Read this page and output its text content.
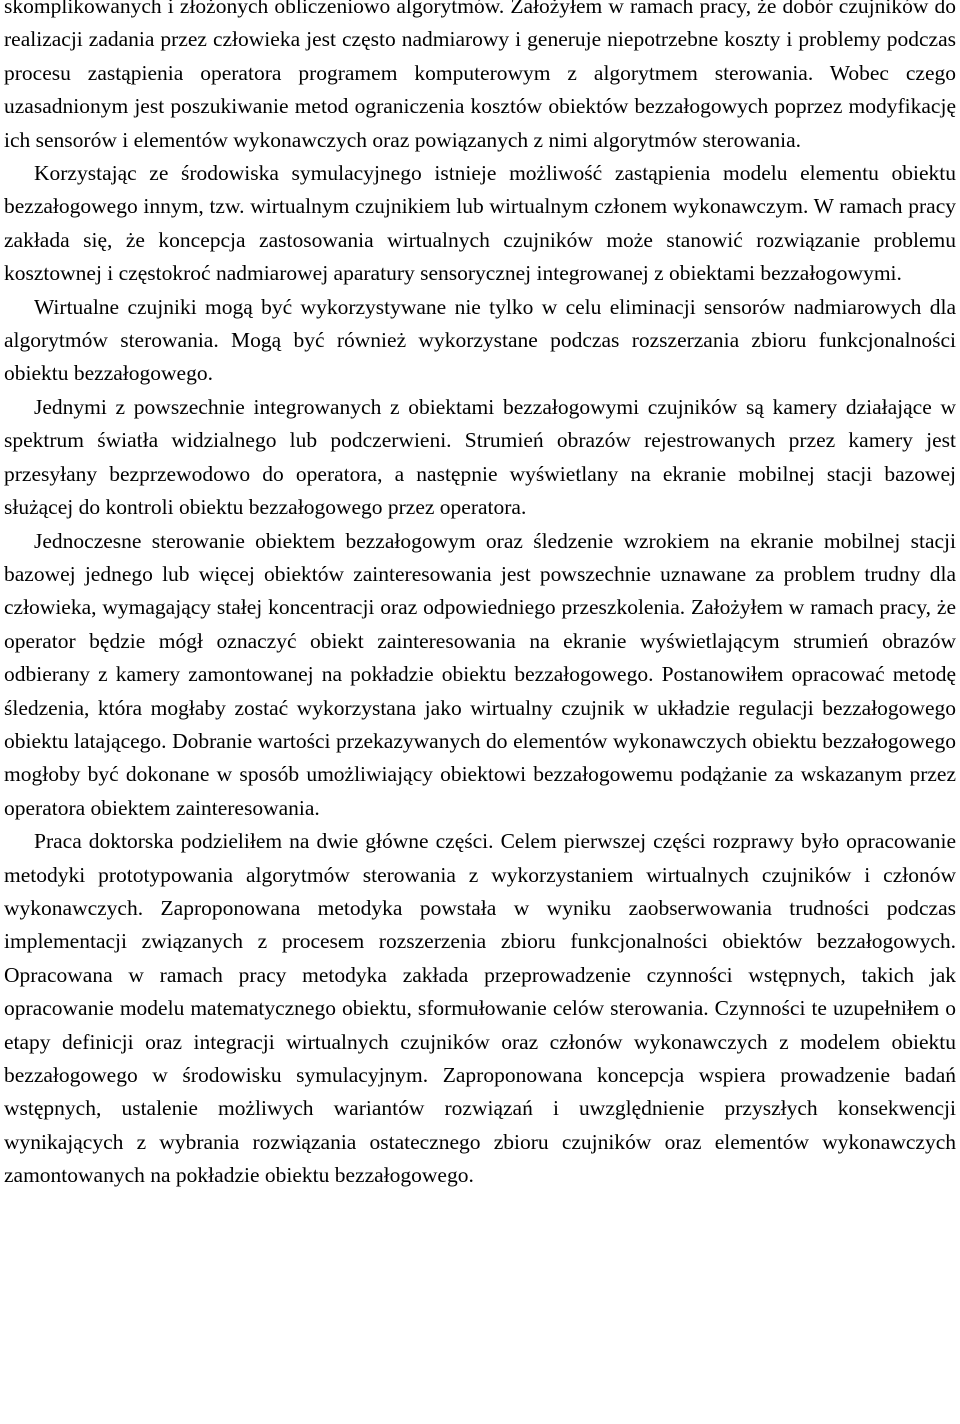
skomplikowanych i złożonych obliczeniowo algorytmów. Założyłem w ramach pracy, że dobór czujników do realizacji zadania przez człowieka jest często nadmiarowy i generuje niepotrzebne koszty i problemy podczas procesu zastąpienia operatora programem komputerowym z algorytmem sterowania. Wobec czego uzasadnionym jest poszukiwanie metod ograniczenia kosztów obiektów bezzałogowych poprzez modyfikację ich sensorów i elementów wykonawczych oraz powiązanych z nimi algorytmów sterowania.

Korzystając ze środowiska symulacyjnego istnieje możliwość zastąpienia modelu elementu obiektu bezzałogowego innym, tzw. wirtualnym czujnikiem lub wirtualnym członem wykonawczym. W ramach pracy zakłada się, że koncepcja zastosowania wirtualnych czujników może stanowić rozwiązanie problemu kosztownej i częstokroć nadmiarowej aparatury sensorycznej integrowanej z obiektami bezzałogowymi.

Wirtualne czujniki mogą być wykorzystywane nie tylko w celu eliminacji sensorów nadmiarowych dla algorytmów sterowania. Mogą być również wykorzystane podczas rozszerzania zbioru funkcjonalności obiektu bezzałogowego.

Jednymi z powszechnie integrowanych z obiektami bezzałogowymi czujników są kamery działające w spektrum światła widzialnego lub podczerwieni. Strumień obrazów rejestrowanych przez kamery jest przesyłany bezprzewodowo do operatora, a następnie wyświetlany na ekranie mobilnej stacji bazowej służącej do kontroli obiektu bezzałogowego przez operatora.

Jednoczesne sterowanie obiektem bezzałogowym oraz śledzenie wzrokiem na ekranie mobilnej stacji bazowej jednego lub więcej obiektów zainteresowania jest powszechnie uznawane za problem trudny dla człowieka, wymagający stałej koncentracji oraz odpowiedniego przeszkolenia. Założyłem w ramach pracy, że operator będzie mógł oznaczyć obiekt zainteresowania na ekranie wyświetlającym strumień obrazów odbierany z kamery zamontowanej na pokładzie obiektu bezzałogowego. Postanowiłem opracować metodę śledzenia, która mogłaby zostać wykorzystana jako wirtualny czujnik w układzie regulacji bezzałogowego obiektu latającego. Dobranie wartości przekazywanych do elementów wykonawczych obiektu bezzałogowego mogłoby być dokonane w sposób umożliwiający obiektowi bezzałogowemu podążanie za wskazanym przez operatora obiektem zainteresowania.

Praca doktorska podzieliłem na dwie główne części. Celem pierwszej części rozprawy było opracowanie metodyki prototypowania algorytmów sterowania z wykorzystaniem wirtualnych czujników i członów wykonawczych. Zaproponowana metodyka powstała w wyniku zaobserwowania trudności podczas implementacji związanych z procesem rozszerzenia zbioru funkcjonalności obiektów bezzałogowych. Opracowana w ramach pracy metodyka zakłada przeprowadzenie czynności wstępnych, takich jak opracowanie modelu matematycznego obiektu, sformułowanie celów sterowania. Czynności te uzupełniłem o etapy definicji oraz integracji wirtualnych czujników oraz członów wykonawczych z modelem obiektu bezzałogowego w środowisku symulacyjnym. Zaproponowana koncepcja wspiera prowadzenie badań wstępnych, ustalenie możliwych wariantów rozwiązań i uwzględnienie przyszłych konsekwencji wynikających z wybrania rozwiązania ostatecznego zbioru czujników oraz elementów wykonawczych zamontowanych na pokładzie obiektu bezzałogowego.
